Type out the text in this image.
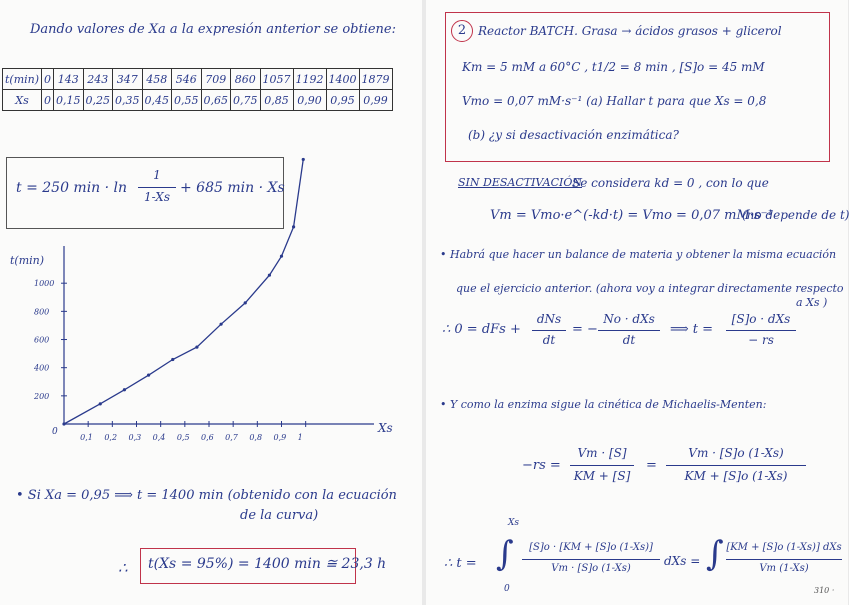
Dando valores de Xa a la expresión anterior se obtiene:
t(min)	0	143	243	347	458	546	709	860	1057	1192	1400	1879
Xs	0	0,15	0,25	0,35	0,45	0,55	0,65	0,75	0,85	0,90	0,95	0,99
t = 250 min · ln
1
1-Xs
+ 685 min · Xs
t(min)
Xs
0
200
400
600
800
1000
0,1 0,2 0,3 0,4 0,5 0,6 0,7 0,8 0,9 1
• Si Xa = 0,95 ⟹ t = 1400 min (obtenido con la ecuación
de la curva)
∴ t(Xs = 95%) = 1400 min ≅ 23,3 h
2 Reactor BATCH. Grasa → ácidos grasos + glicerol
Km = 5 mM a 60°C , t1/2 = 8 min , [S]o = 45 mM
Vmo = 0,07 mM·s⁻¹ (a) Hallar t para que Xs = 0,8
(b) ¿y si desactivación enzimática?
SIN DESACTIVACIÓN
Se considera kd = 0 , con lo que
Vm = Vmo·e^(-kd·t) = Vmo = 0,07 mM·s⁻¹
(no depende de t)
• Habrá que hacer un balance de materia y obtener la misma ecuación
que el ejercicio anterior. (ahora voy a integrar directamente respecto
a Xs )
∴ 0 = dFs +
dNs
dt
= −
No · dXs
dt
⟹ t =
[S]o · dXs
− rs
• Y como la enzima sigue la cinética de Michaelis-Menten:
−rs =
Vm · [S]
KM + [S]
=
Vm · [S]o (1-Xs)
KM + [S]o (1-Xs)
∴ t = ∫
Xs
0
[S]o · [KM + [S]o (1-Xs)]
Vm · [S]o (1-Xs)
dXs = ∫ [KM + [S]o (1-Xs)] dXs
Vm (1-Xs)
310 ·
